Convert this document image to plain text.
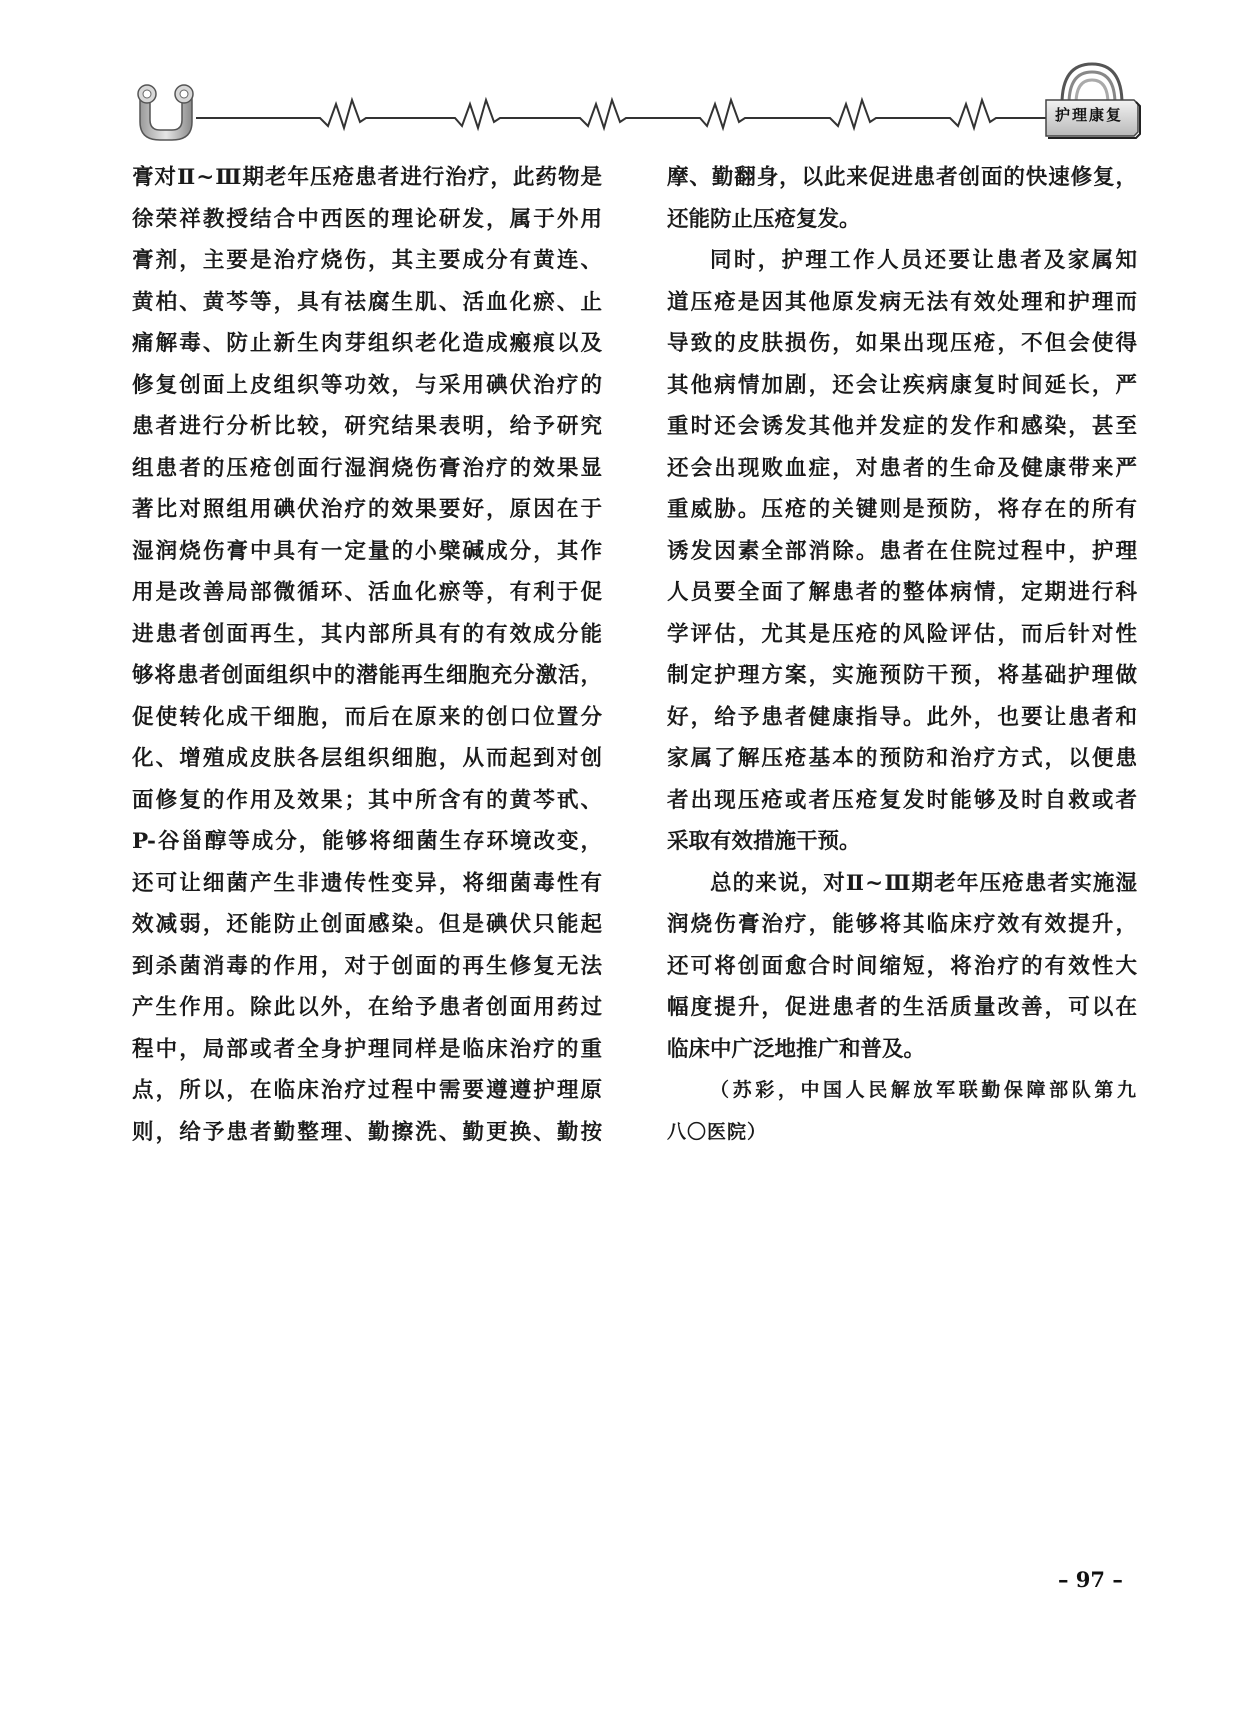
护理康复
膏对Ⅱ~Ⅲ期老年压疮患者进行治疗，此药物是
徐荣祥教授结合中西医的理论研发，属于外用
膏剂，主要是治疗烧伤，其主要成分有黄连、
黄柏、黄芩等，具有祛腐生肌、活血化瘀、止
痛解毒、防止新生肉芽组织老化造成瘢痕以及
修复创面上皮组织等功效，与采用碘伏治疗的
患者进行分析比较，研究结果表明，给予研究
组患者的压疮创面行湿润烧伤膏治疗的效果显
著比对照组用碘伏治疗的效果要好，原因在于
湿润烧伤膏中具有一定量的小檗碱成分，其作
用是改善局部微循环、活血化瘀等，有利于促
进患者创面再生，其内部所具有的有效成分能
够将患者创面组织中的潜能再生细胞充分激活，
促使转化成干细胞，而后在原来的创口位置分
化、增殖成皮肤各层组织细胞，从而起到对创
面修复的作用及效果；其中所含有的黄芩甙、
P-谷甾醇等成分，能够将细菌生存环境改变，
还可让细菌产生非遗传性变异，将细菌毒性有
效减弱，还能防止创面感染。但是碘伏只能起
到杀菌消毒的作用，对于创面的再生修复无法
产生作用。除此以外，在给予患者创面用药过
程中，局部或者全身护理同样是临床治疗的重
点，所以，在临床治疗过程中需要遵遵护理原
则，给予患者勤整理、勤擦洗、勤更换、勤按
摩、勤翻身，以此来促进患者创面的快速修复，
还能防止压疮复发。
同时，护理工作人员还要让患者及家属知
道压疮是因其他原发病无法有效处理和护理而
导致的皮肤损伤，如果出现压疮，不但会使得
其他病情加剧，还会让疾病康复时间延长，严
重时还会诱发其他并发症的发作和感染，甚至
还会出现败血症，对患者的生命及健康带来严
重威胁。压疮的关键则是预防，将存在的所有
诱发因素全部消除。患者在住院过程中，护理
人员要全面了解患者的整体病情，定期进行科
学评估，尤其是压疮的风险评估，而后针对性
制定护理方案，实施预防干预，将基础护理做
好，给予患者健康指导。此外，也要让患者和
家属了解压疮基本的预防和治疗方式，以便患
者出现压疮或者压疮复发时能够及时自救或者
采取有效措施干预。
总的来说，对Ⅱ~Ⅲ期老年压疮患者实施湿
润烧伤膏治疗，能够将其临床疗效有效提升，
还可将创面愈合时间缩短，将治疗的有效性大
幅度提升，促进患者的生活质量改善，可以在
临床中广泛地推广和普及。
（苏彩，中国人民解放军联勤保障部队第九
八〇医院）
– 97 –
